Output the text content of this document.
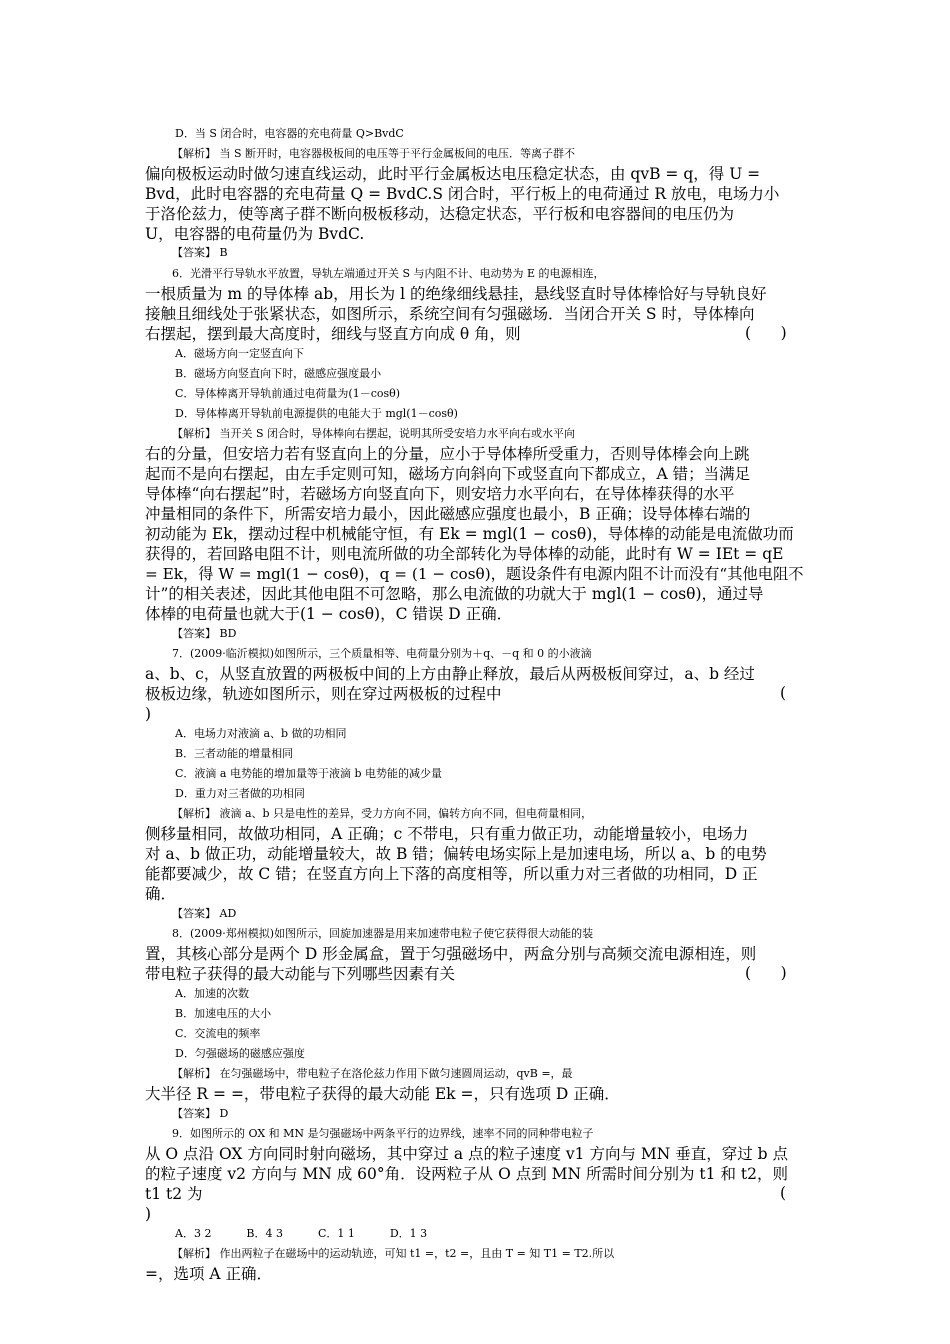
D．当 S 闭合时，电容器的充电荷量 Q>BvdC
【解析】 当 S 断开时，电容器极板间的电压等于平行金属板间的电压．等离子群不
偏向极板运动时做匀速直线运动，此时平行金属板达电压稳定状态，由 qvB = q，得 U =
Bvd，此时电容器的充电荷量 Q = BvdC.S 闭合时，平行板上的电荷通过 R 放电，电场力小
于洛伦兹力，使等离子群不断向极板移动，达稳定状态，平行板和电容器间的电压仍为
U，电容器的电荷量仍为 BvdC.
【答案】 B
6．光滑平行导轨水平放置，导轨左端通过开关 S 与内阻不计、电动势为 E 的电源相连，
一根质量为 m 的导体棒 ab，用长为 l 的绝缘细线悬挂，悬线竖直时导体棒恰好与导轨良好
接触且细线处于张紧状态，如图所示，系统空间有匀强磁场．当闭合开关 S 时，导体棒向
右摆起，摆到最大高度时，细线与竖直方向成 θ 角，则	(      )
A．磁场方向一定竖直向下
B．磁场方向竖直向下时，磁感应强度最小
C．导体棒离开导轨前通过电荷量为(1－cosθ)
D．导体棒离开导轨前电源提供的电能大于 mgl(1－cosθ)
【解析】 当开关 S 闭合时，导体棒向右摆起，说明其所受安培力水平向右或水平向
右的分量，但安培力若有竖直向上的分量，应小于导体棒所受重力，否则导体棒会向上跳
起而不是向右摆起，由左手定则可知，磁场方向斜向下或竖直向下都成立，A 错；当满足
导体棒“向右摆起”时，若磁场方向竖直向下，则安培力水平向右，在导体棒获得的水平
冲量相同的条件下，所需安培力最小，因此磁感应强度也最小，B 正确；设导体棒右端的
初动能为 Ek，摆动过程中机械能守恒，有 Ek = mgl(1 − cosθ)，导体棒的动能是电流做功而
获得的，若回路电阻不计，则电流所做的功全部转化为导体棒的动能，此时有 W = IEt = qE
= Ek，得 W = mgl(1 − cosθ)，q = (1 − cosθ)，题设条件有电源内阻不计而没有“其他电阻不
计”的相关表述，因此其他电阻不可忽略，那么电流做的功就大于 mgl(1 − cosθ)，通过导
体棒的电荷量也就大于(1 − cosθ)，C 错误 D 正确．
【答案】 BD
7．(2009·临沂模拟)如图所示，三个质量相等、电荷量分别为＋q、－q 和 0 的小液滴
a、b、c，从竖直放置的两极板中间的上方由静止释放，最后从两极板间穿过，a、b 经过
极板边缘，轨迹如图所示，则在穿过两极板的过程中	(
)
A．电场力对液滴 a、b 做的功相同
B．三者动能的增量相同
C．液滴 a 电势能的增加量等于液滴 b 电势能的减少量
D．重力对三者做的功相同
【解析】 液滴 a、b 只是电性的差异，受力方向不同，偏转方向不同，但电荷量相同，
侧移量相同，故做功相同，A 正确；c 不带电，只有重力做正功，动能增量较小，电场力
对 a、b 做正功，动能增量较大，故 B 错；偏转电场实际上是加速电场，所以 a、b 的电势
能都要减少，故 C 错；在竖直方向上下落的高度相等，所以重力对三者做的功相同，D 正
确．
【答案】 AD
8．(2009·郑州模拟)如图所示，回旋加速器是用来加速带电粒子使它获得很大动能的装
置，其核心部分是两个 D 形金属盒，置于匀强磁场中，两盒分别与高频交流电源相连，则
带电粒子获得的最大动能与下列哪些因素有关	(      )
A．加速的次数
B．加速电压的大小
C．交流电的频率
D．匀强磁场的磁感应强度
【解析】 在匀强磁场中，带电粒子在洛伦兹力作用下做匀速圆周运动，qvB =，最
大半径 R = =，带电粒子获得的最大动能 Ek =，只有选项 D 正确．
【答案】 D
9．如图所示的 OX 和 MN 是匀强磁场中两条平行的边界线，速率不同的同种带电粒子
从 O 点沿 OX 方向同时射向磁场，其中穿过 a 点的粒子速度 v1 方向与 MN 垂直，穿过 b 点
的粒子速度 v2 方向与 MN 成 60°角．设两粒子从 O 点到 MN 所需时间分别为 t1 和 t2，则
t1 t2 为	(
)
A．3 2          B．4 3          C．1 1          D．1 3
【解析】 作出两粒子在磁场中的运动轨迹，可知 t1 =，t2 =，且由 T = 知 T1 = T2.所以
=，选项 A 正确．
